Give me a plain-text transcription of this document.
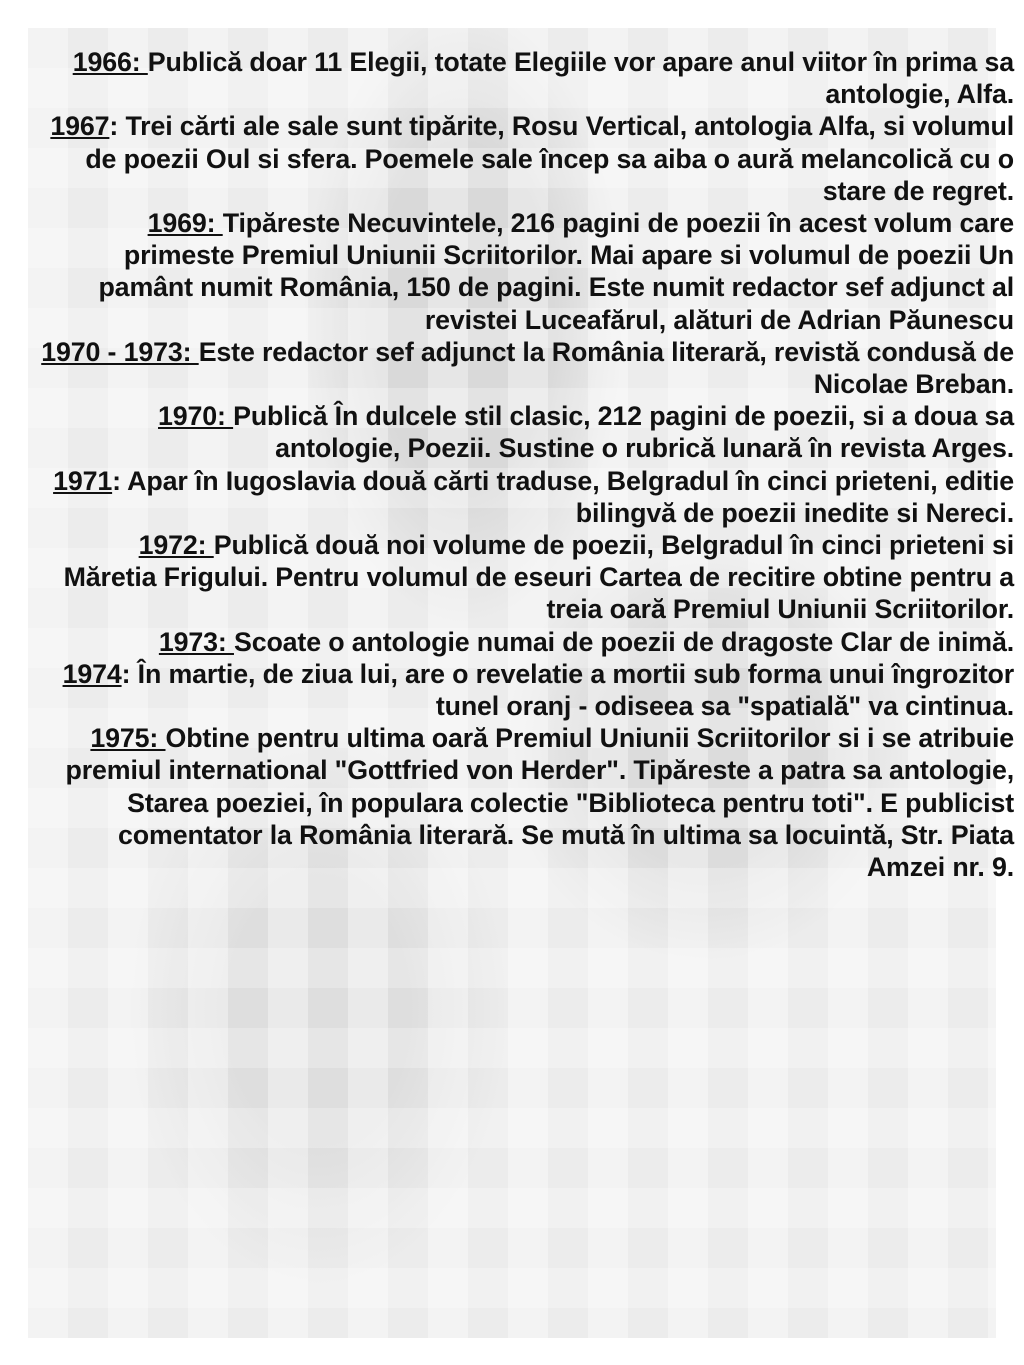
1966: Publică doar 11 Elegii, totate Elegiile vor apare anul viitor în prima sa antologie, Alfa.
1967: Trei cărti ale sale sunt tipărite, Rosu Vertical, antologia Alfa, si volumul de poezii Oul si sfera. Poemele sale încep sa aiba o aură melancolică cu o stare de regret.
1969: Tipăreste Necuvintele, 216 pagini de poezii în acest volum care primeste Premiul Uniunii Scriitorilor. Mai apare si volumul de poezii Un pamânt numit România, 150 de pagini. Este numit redactor sef adjunct al revistei Luceafărul, alături de Adrian Păunescu
1970 - 1973: Este redactor sef adjunct la România literară, revistă condusă de Nicolae Breban.
1970: Publică În dulcele stil clasic, 212 pagini de poezii, si a doua sa antologie, Poezii. Sustine o rubrică lunară în revista Arges.
1971: Apar în Iugoslavia două cărti traduse, Belgradul în cinci prieteni, editie bilingvă de poezii inedite si Nereci.
1972: Publică două noi volume de poezii, Belgradul în cinci prieteni si Măretia Frigului. Pentru volumul de eseuri Cartea de recitire obtine pentru a treia oară Premiul Uniunii Scriitorilor.
1973: Scoate o antologie numai de poezii de dragoste Clar de inimă.
1974: În martie, de ziua lui, are o revelatie a mortii sub forma unui îngrozitor tunel oranj - odiseea sa "spatială" va cintinua.
1975: Obtine pentru ultima oară Premiul Uniunii Scriitorilor si i se atribuie premiul international "Gottfried von Herder". Tipăreste a patra sa antologie, Starea poeziei, în populara colectie "Biblioteca pentru toti". E publicist comentator la România literară. Se mută în ultima sa locuintă, Str. Piata Amzei nr. 9.
